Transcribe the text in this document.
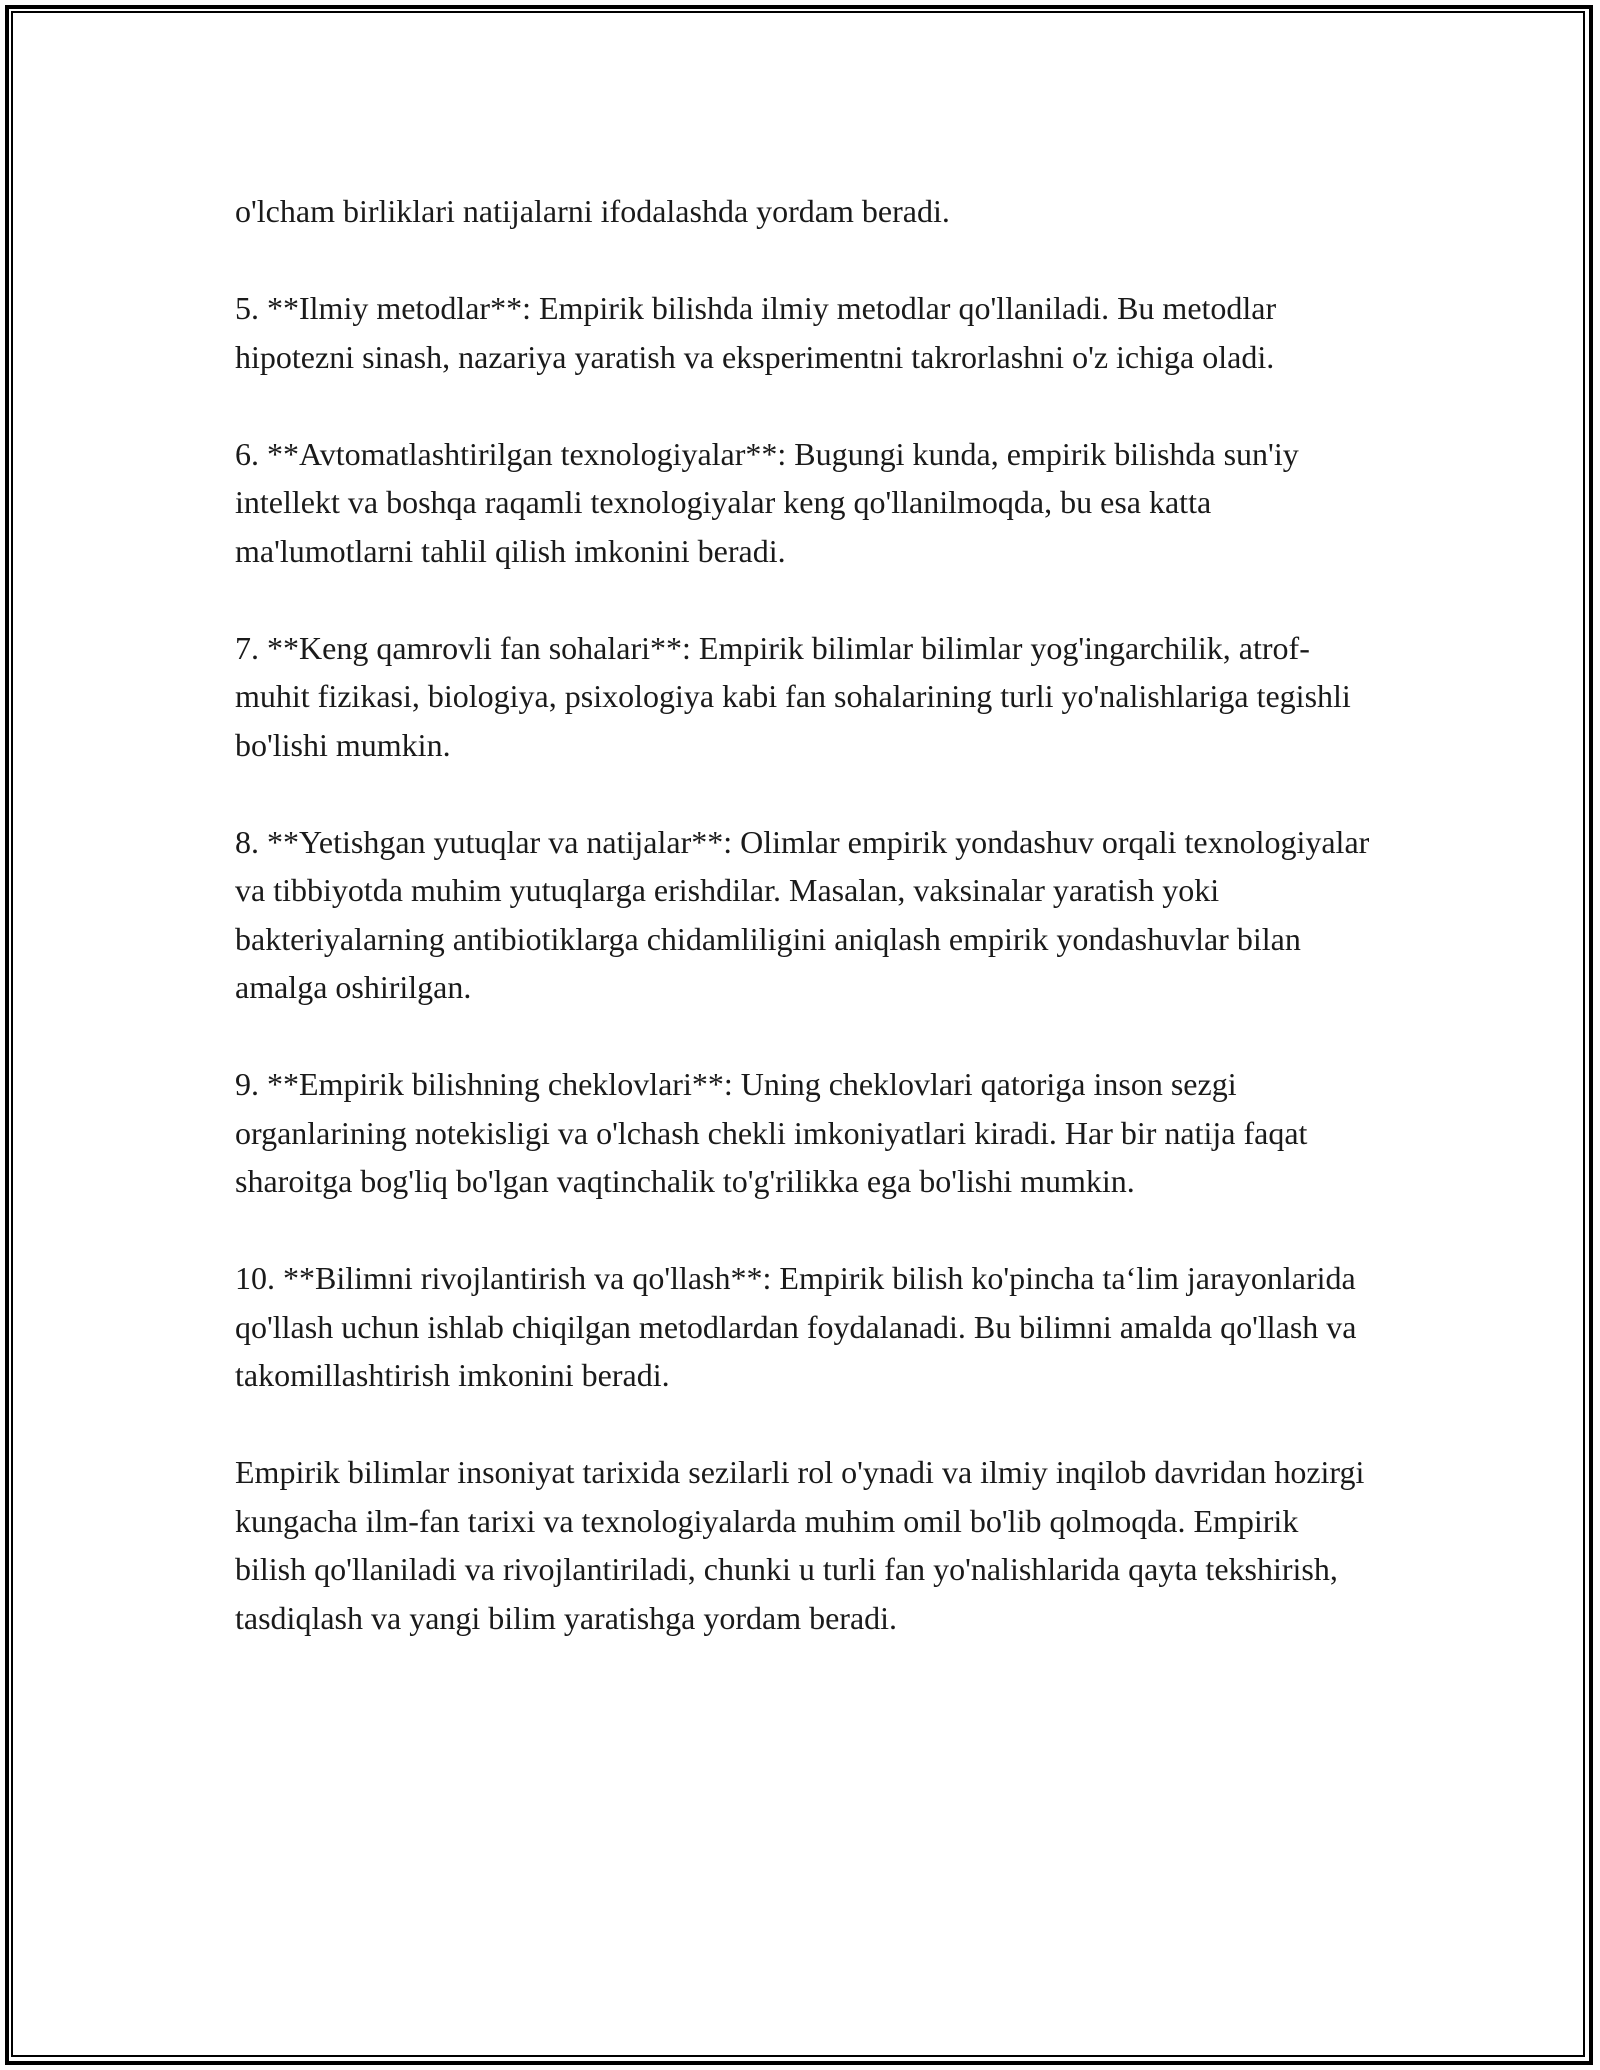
o'lcham birliklari natijalarni ifodalashda yordam beradi.

5. **Ilmiy metodlar**: Empirik bilishda ilmiy metodlar qo'llaniladi. Bu metodlar hipotezni sinash, nazariya yaratish va eksperimentni takrorlashni o'z ichiga oladi.

6. **Avtomatlashtirilgan texnologiyalar**: Bugungi kunda, empirik bilishda sun'iy intellekt va boshqa raqamli texnologiyalar keng qo'llanilmoqda, bu esa katta ma'lumotlarni tahlil qilish imkonini beradi.

7. **Keng qamrovli fan sohalari**: Empirik bilimlar bilimlar yog'ingarchilik, atrof-muhit fizikasi, biologiya, psixologiya kabi fan sohalarining turli yo'nalishlariga tegishli bo'lishi mumkin.

8. **Yetishgan yutuqlar va natijalar**: Olimlar empirik yondashuv orqali texnologiyalar va tibbiyotda muhim yutuqlarga erishdilar. Masalan, vaksinalar yaratish yoki bakteriyalarning antibiotiklarga chidamliligini aniqlash empirik yondashuvlar bilan amalga oshirilgan.

9. **Empirik bilishning cheklovlari**: Uning cheklovlari qatoriga inson sezgi organlarining notekisligi va o'lchash chekli imkoniyatlari kiradi. Har bir natija faqat sharoitga bog'liq bo'lgan vaqtinchalik to'g'rilikka ega bo'lishi mumkin.

10. **Bilimni rivojlantirish va qo'llash**: Empirik bilish ko'pincha ta‘lim jarayonlarida qo'llash uchun ishlab chiqilgan metodlardan foydalanadi. Bu bilimni amalda qo'llash va takomillashtirish imkonini beradi.

Empirik bilimlar insoniyat tarixida sezilarli rol o'ynadi va ilmiy inqilob davridan hozirgi kungacha ilm-fan tarixi va texnologiyalarda muhim omil bo'lib qolmoqda. Empirik bilish qo'llaniladi va rivojlantiriladi, chunki u turli fan yo'nalishlarida qayta tekshirish, tasdiqlash va yangi bilim yaratishga yordam beradi.
